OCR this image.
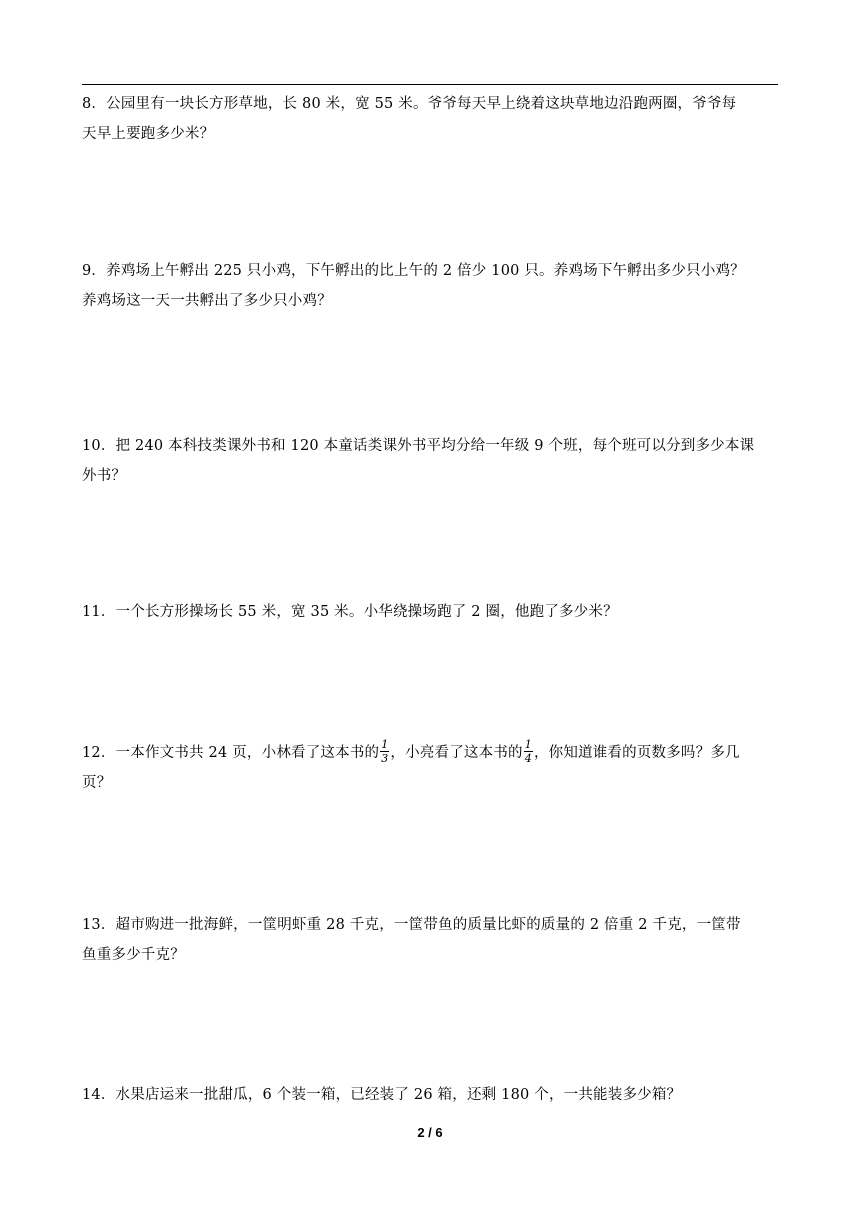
8．公园里有一块长方形草地，长 80 米，宽 55 米。爷爷每天早上绕着这块草地边沿跑两圈，爷爷每
天早上要跑多少米？
9．养鸡场上午孵出 225 只小鸡，下午孵出的比上午的 2 倍少 100 只。养鸡场下午孵出多少只小鸡？
养鸡场这一天一共孵出了多少只小鸡？
10．把 240 本科技类课外书和 120 本童话类课外书平均分给一年级 9 个班，每个班可以分到多少本课
外书？
11．一个长方形操场长 55 米，宽 35 米。小华绕操场跑了 2 圈，他跑了多少米？
12．一本作文书共 24 页，小林看了这本书的 $\frac{1}{3}$ ，小亮看了这本书的 $\frac{1}{4}$ ，你知道谁看的页数多吗？多几
页？
13．超市购进一批海鲜，一筐明虾重 28 千克，一筐带鱼的质量比虾的质量的 2 倍重 2 千克，一筐带
鱼重多少千克？
14．水果店运来一批甜瓜，6 个装一箱，已经装了 26 箱，还剩 180 个，一共能装多少箱？
2 / 6
